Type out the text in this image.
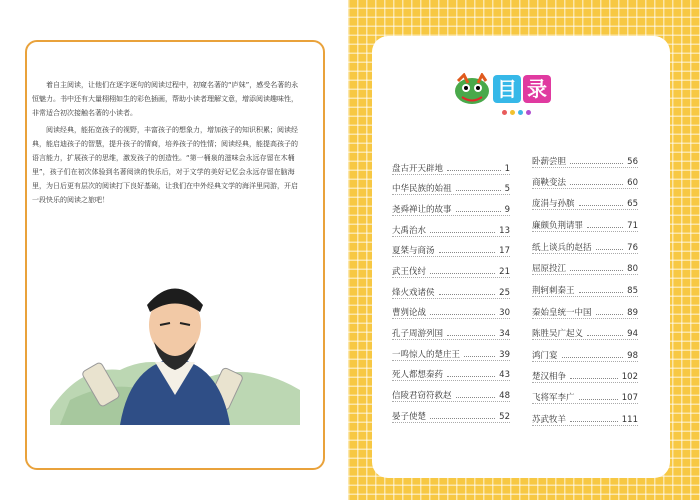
着自主阅读，让他们在逐字逐句的阅读过程中，初窥名著的“庐妹”，感受名著的永恒魅力。书中还有大量栩栩如生的彩色插画，帮助小读者理解文意，增添阅读趣味性，非常适合初次接触名著的小读者。

阅读经典，能拓宽孩子的视野，丰富孩子的想象力，增加孩子的知识积累；阅读经典，能启迪孩子的智慧，提升孩子的情商，培养孩子的性情；阅读经典，能提高孩子的语言能力，扩展孩子的思维，激发孩子的创造性。“第一桶泉的滋味会永远存留在木桶里”，孩子们在初次体验到名著阅读的快乐后，对于文学的美好记忆会永远存留在脑海里，为日后更有层次的阅读打下良好基础，让我们在中外经典文学的海洋里同游，开启一段快乐的阅读之旅吧！

目 录
盘古开天辟地	1
中华民族的始祖	5
尧舜禅让的故事	9
大禹治水	13
夏桀与商汤	17
武王伐纣	21
烽火戏诸侯	25
曹刿论战	30
孔子周游列国	34
一鸣惊人的楚庄王	39
死人都想秦药	43
信陵君窃符救赵	48
晏子使楚	52
卧薪尝胆	56
商鞅变法	60
庞涓与孙膑	65
廉颇负荆请罪	71
纸上谈兵的赵括	76
屈原投江	80
荆轲刺秦王	85
秦始皇统一中国	89
陈胜吴广起义	94
鸿门宴	98
楚汉相争	102
飞将军李广	107
苏武牧羊	111
